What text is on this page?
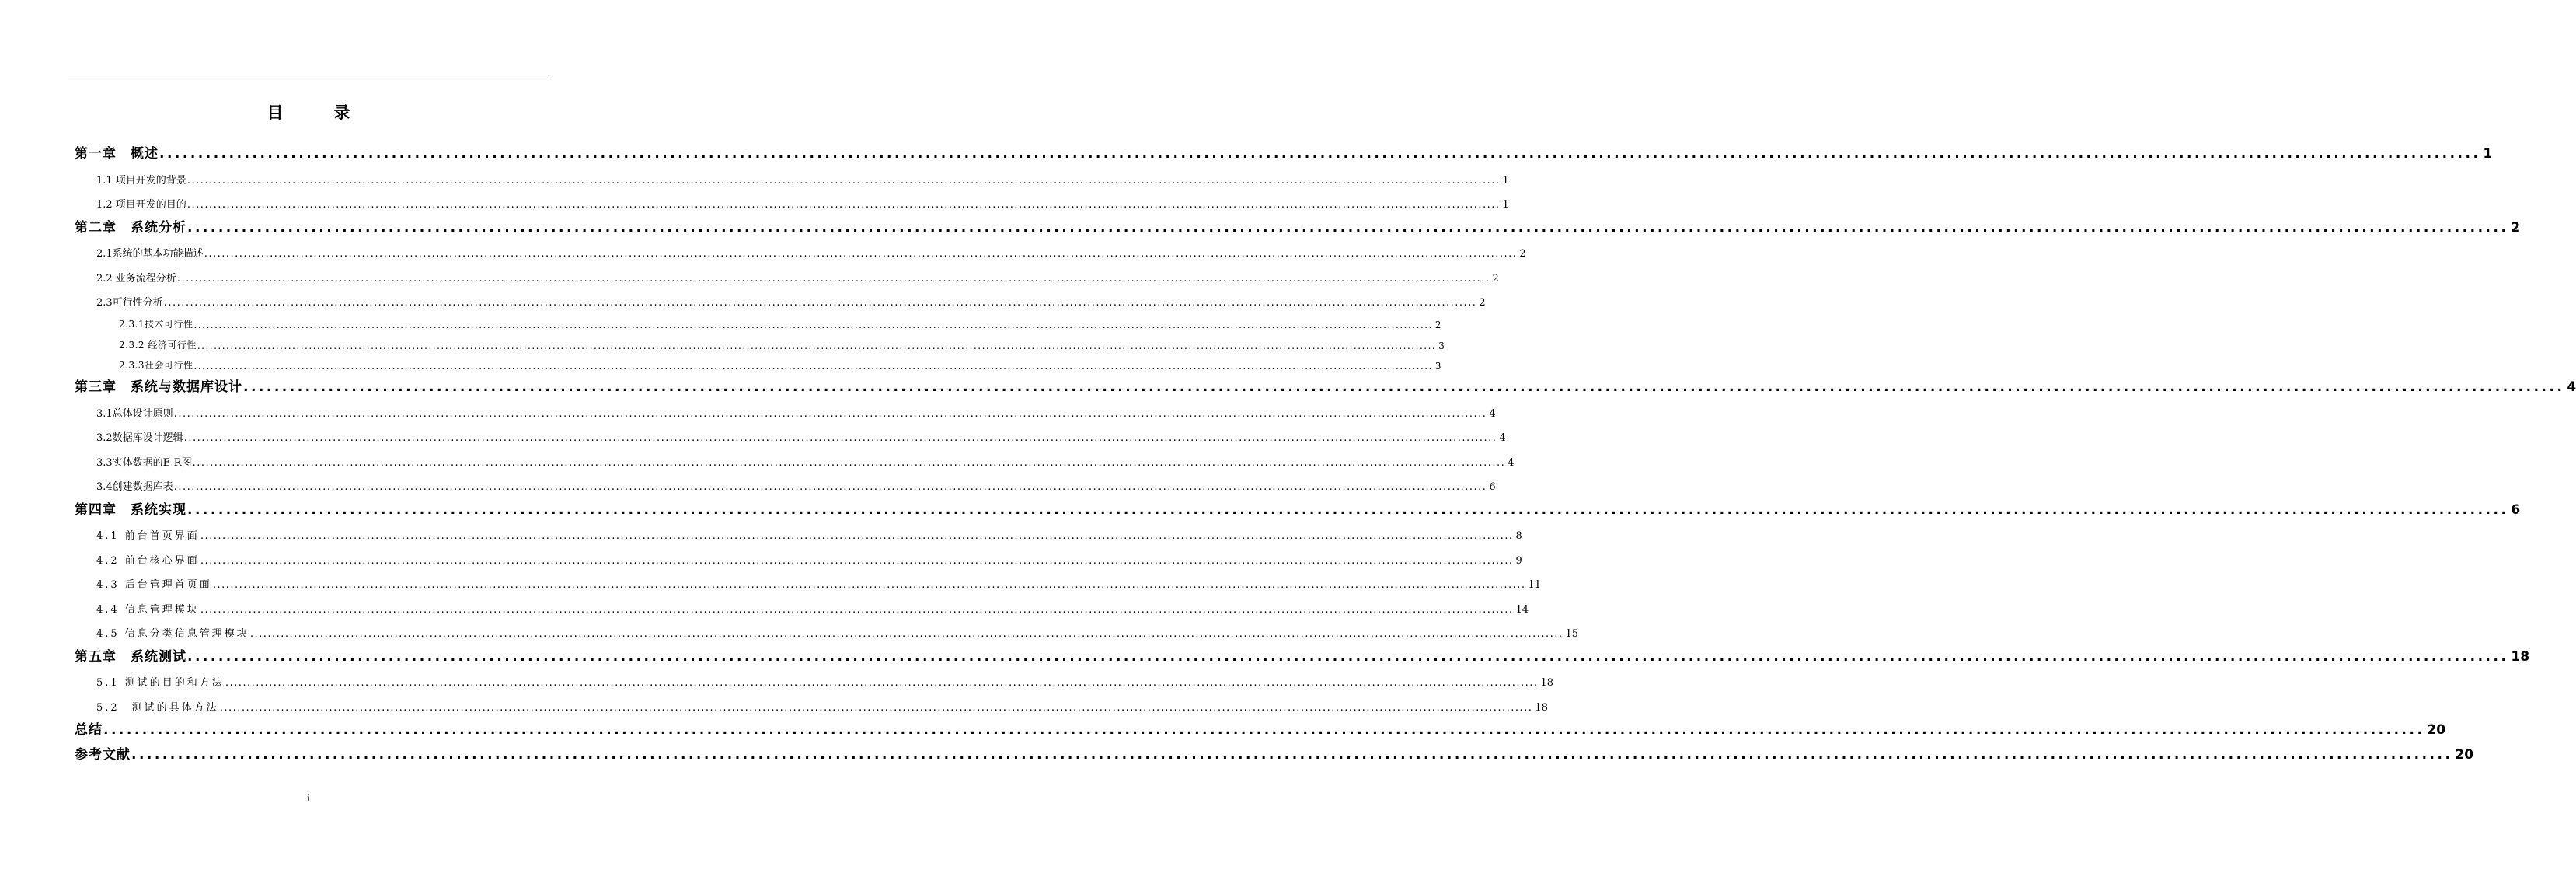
目　录
第一章　概述 ............................................................................................................................................................................................................................................................................................................ 1
1.1 项目开发的背景 ............................................................................................................................................................................................................................................................................................................ 1
1.2 项目开发的目的 ............................................................................................................................................................................................................................................................................................................ 1
第二章　系统分析 ............................................................................................................................................................................................................................................................................................................ 2
2.1系统的基本功能描述 ............................................................................................................................................................................................................................................................................................................ 2
2.2 业务流程分析 ............................................................................................................................................................................................................................................................................................................ 2
2.3可行性分析 ............................................................................................................................................................................................................................................................................................................ 2
2.3.1技术可行性 ............................................................................................................................................................................................................................................................................................................ 2
2.3.2 经济可行性 ............................................................................................................................................................................................................................................................................................................ 3
2.3.3社会可行性 ............................................................................................................................................................................................................................................................................................................ 3
第三章　系统与数据库设计 ............................................................................................................................................................................................................................................................................................................ 4
3.1总体设计原则 ............................................................................................................................................................................................................................................................................................................ 4
3.2数据库设计逻辑 ............................................................................................................................................................................................................................................................................................................ 4
3.3实体数据的E-R图 ............................................................................................................................................................................................................................................................................................................ 4
3.4创建数据库表 ............................................................................................................................................................................................................................................................................................................ 6
第四章　系统实现 ............................................................................................................................................................................................................................................................................................................ 6
4.1 前台首页界面 ............................................................................................................................................................................................................................................................................................................ 8
4.2 前台核心界面 ............................................................................................................................................................................................................................................................................................................ 9
4.3 后台管理首页面 ............................................................................................................................................................................................................................................................................................................ 11
4.4 信息管理模块 ............................................................................................................................................................................................................................................................................................................ 14
4.5 信息分类信息管理模块 ............................................................................................................................................................................................................................................................................................................ 15
第五章　系统测试 ............................................................................................................................................................................................................................................................................................................ 18
5.1 测试的目的和方法 ............................................................................................................................................................................................................................................................................................................ 18
5.2　测试的具体方法 ............................................................................................................................................................................................................................................................................................................ 18
总结 ............................................................................................................................................................................................................................................................................................................ 20
参考文献 ............................................................................................................................................................................................................................................................................................................ 20
i
